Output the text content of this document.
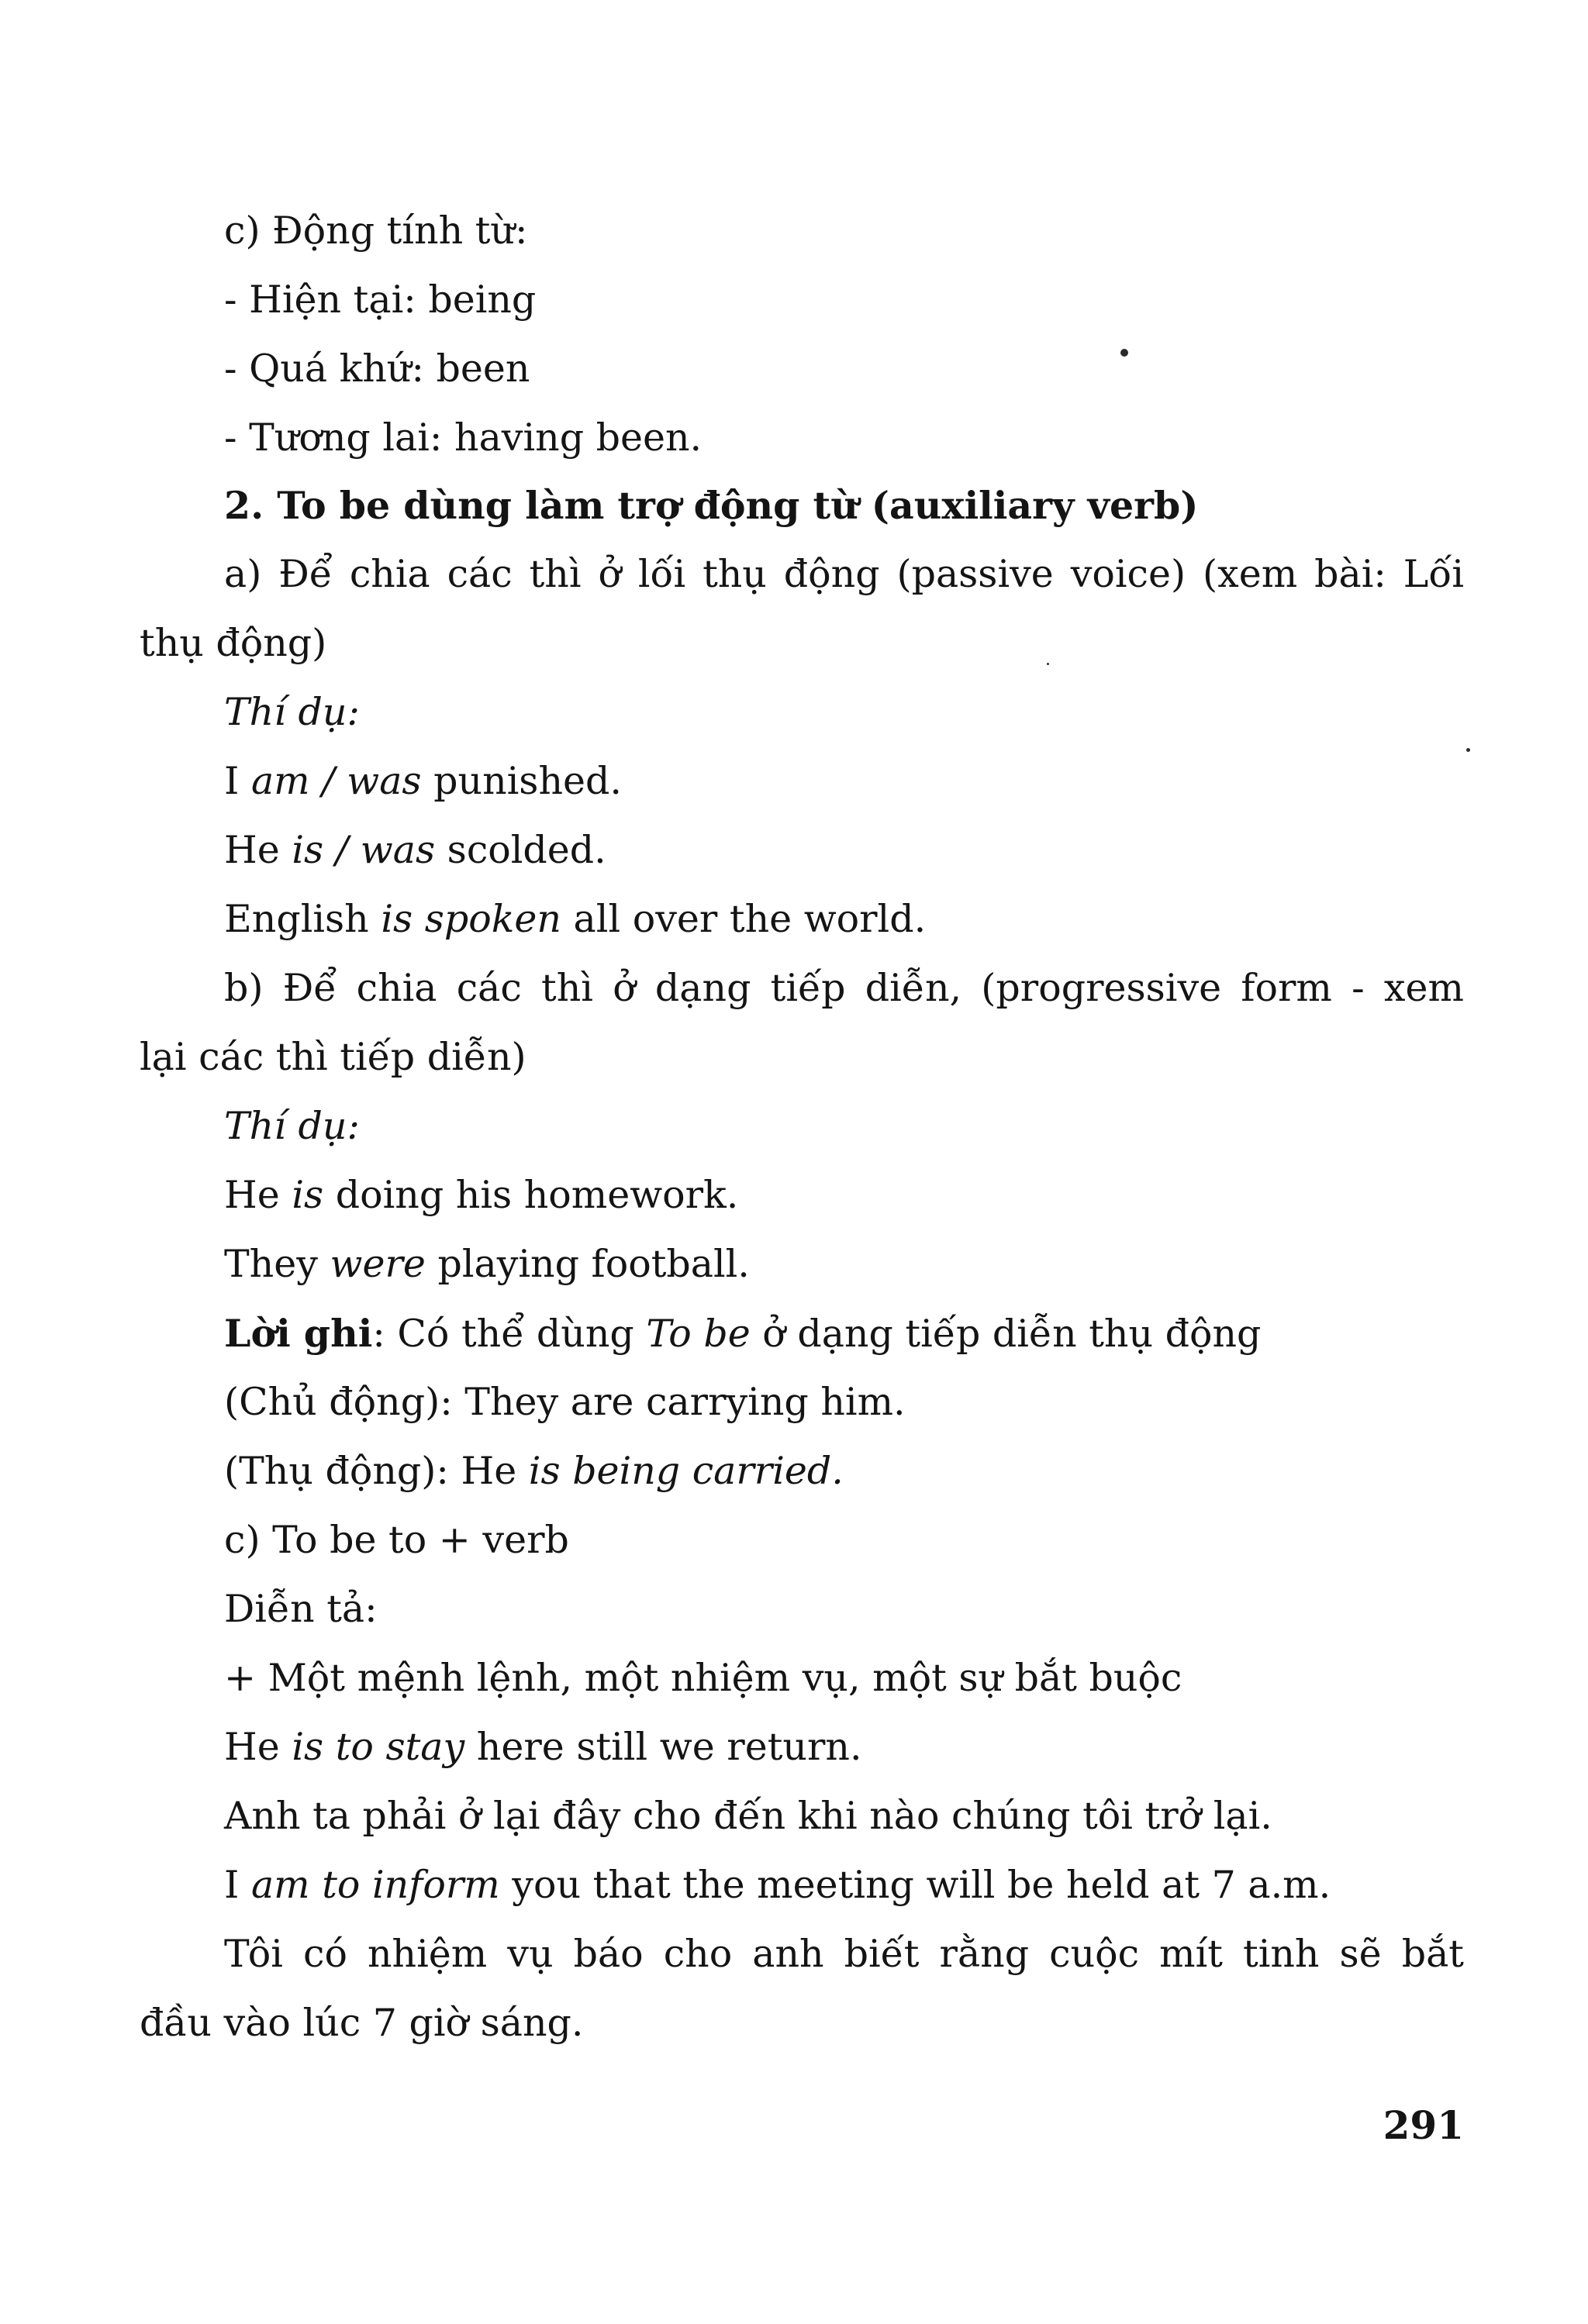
c) Động tính từ:
- Hiện tại: being
- Quá khứ: been
- Tương lai: having been.
2. To be dùng làm trợ động từ (auxiliary verb)
a) Để chia các thì ở lối thụ động (passive voice) (xem bài: Lối
thụ động)
Thí dụ:
I am / was punished.
He is / was scolded.
English is spoken all over the world.
b) Để chia các thì ở dạng tiếp diễn, (progressive form - xem
lại các thì tiếp diễn)
Thí dụ:
He is doing his homework.
They were playing football.
Lời ghi: Có thể dùng To be ở dạng tiếp diễn thụ động
(Chủ động): They are carrying him.
(Thụ động): He is being carried.
c) To be to + verb
Diễn tả:
+ Một mệnh lệnh, một nhiệm vụ, một sự bắt buộc
He is to stay here still we return.
Anh ta phải ở lại đây cho đến khi nào chúng tôi trở lại.
I am to inform you that the meeting will be held at 7 a.m.
Tôi có nhiệm vụ báo cho anh biết rằng cuộc mít tinh sẽ bắt
đầu vào lúc 7 giờ sáng.
291
